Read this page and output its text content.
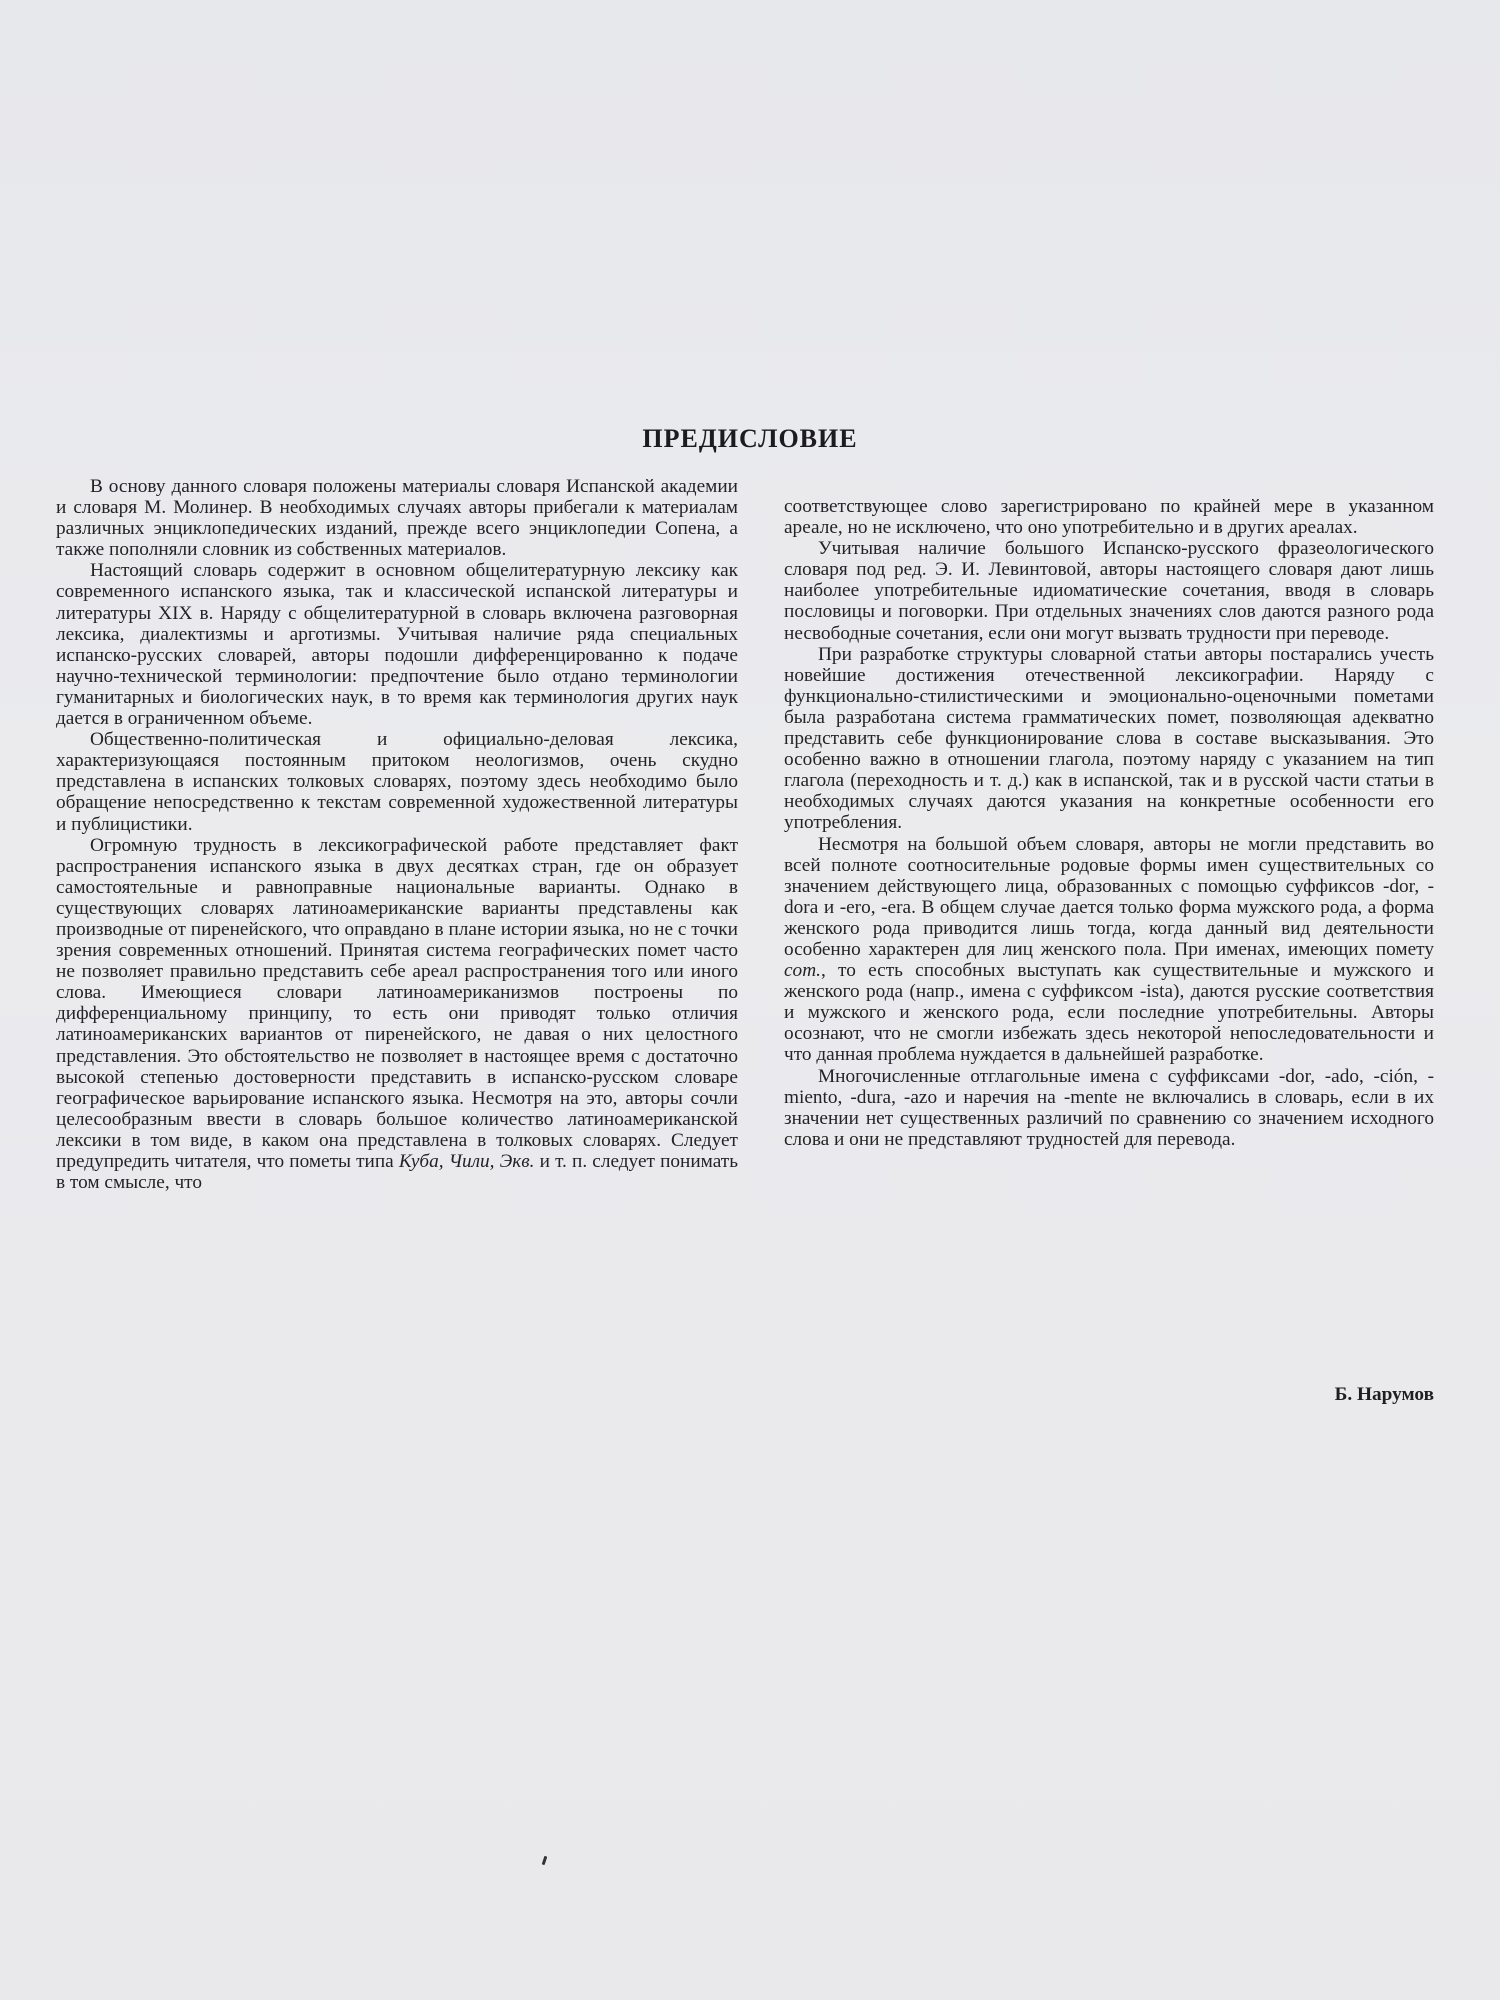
ПРЕДИСЛОВИЕ

В основу данного словаря положены материалы словаря Испанской академии и словаря М. Молинер. В необходимых случаях авторы прибегали к материалам различных энциклопедических изданий, прежде всего энциклопедии Сопена, а также пополняли словник из собственных материалов.

Настоящий словарь содержит в основном общелитературную лексику как современного испанского языка, так и классической испанской литературы и литературы XIX в. Наряду с общелитературной в словарь включена разговорная лексика, диалектизмы и арготизмы. Учитывая наличие ряда специальных испанско-русских словарей, авторы подошли дифференцированно к подаче научно-технической терминологии: предпочтение было отдано терминологии гуманитарных и биологических наук, в то время как терминология других наук дается в ограниченном объеме.

Общественно-политическая и официально-деловая лексика, характеризующаяся постоянным притоком неологизмов, очень скудно представлена в испанских толковых словарях, поэтому здесь необходимо было обращение непосредственно к текстам современной художественной литературы и публицистики.

Огромную трудность в лексикографической работе представляет факт распространения испанского языка в двух десятках стран, где он образует самостоятельные и равноправные национальные варианты. Однако в существующих словарях латиноамериканские варианты представлены как производные от пиренейского, что оправдано в плане истории языка, но не с точки зрения современных отношений. Принятая система географических помет часто не позволяет правильно представить себе ареал распространения того или иного слова. Имеющиеся словари латиноамериканизмов построены по дифференциальному принципу, то есть они приводят только отличия латиноамериканских вариантов от пиренейского, не давая о них целостного представления. Это обстоятельство не позволяет в настоящее время с достаточно высокой степенью достоверности представить в испанско-русском словаре географическое варьирование испанского языка. Несмотря на это, авторы сочли целесообразным ввести в словарь большое количество латиноамериканской лексики в том виде, в каком она представлена в толковых словарях. Следует предупредить читателя, что пометы типа Куба, Чили, Экв. и т. п. следует понимать в том смысле, что

соответствующее слово зарегистрировано по крайней мере в указанном ареале, но не исключено, что оно употребительно и в других ареалах.

Учитывая наличие большого Испанско-русского фразеологического словаря под ред. Э. И. Левинтовой, авторы настоящего словаря дают лишь наиболее употребительные идиоматические сочетания, вводя в словарь пословицы и поговорки. При отдельных значениях слов даются разного рода несвободные сочетания, если они могут вызвать трудности при переводе.

При разработке структуры словарной статьи авторы постарались учесть новейшие достижения отечественной лексикографии. Наряду с функционально-стилистическими и эмоционально-оценочными пометами была разработана система грамматических помет, позволяющая адекватно представить себе функционирование слова в составе высказывания. Это особенно важно в отношении глагола, поэтому наряду с указанием на тип глагола (переходность и т. д.) как в испанской, так и в русской части статьи в необходимых случаях даются указания на конкретные особенности его употребления.

Несмотря на большой объем словаря, авторы не могли представить во всей полноте соотносительные родовые формы имен существительных со значением действующего лица, образованных с помощью суффиксов -dor, -dora и -ero, -era. В общем случае дается только форма мужского рода, а форма женского рода приводится лишь тогда, когда данный вид деятельности особенно характерен для лиц женского пола. При именах, имеющих помету com., то есть способных выступать как существительные и мужского и женского рода (напр., имена с суффиксом -ista), даются русские соответствия и мужского и женского рода, если последние употребительны. Авторы осознают, что не смогли избежать здесь некоторой непоследовательности и что данная проблема нуждается в дальнейшей разработке.

Многочисленные отглагольные имена с суффиксами -dor, -ado, -ción, -miento, -dura, -azo и наречия на -mente не включались в словарь, если в их значении нет существенных различий по сравнению со значением исходного слова и они не представляют трудностей для перевода.

Б. Нарумов
